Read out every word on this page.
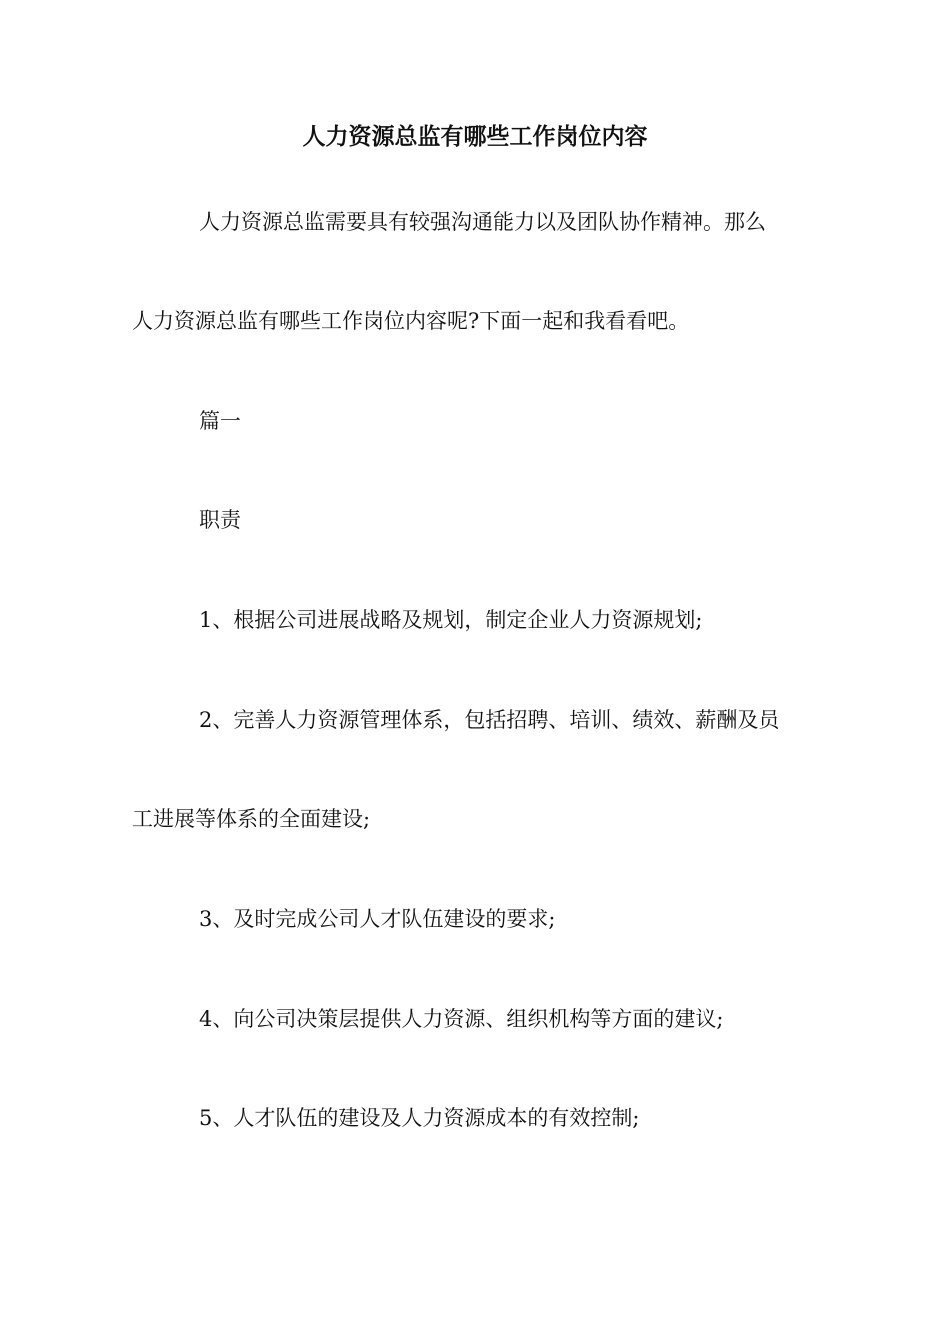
人力资源总监有哪些工作岗位内容

人力资源总监需要具有较强沟通能力以及团队协作精神。那么

人力资源总监有哪些工作岗位内容呢?下面一起和我看看吧。

篇一

职责

1、根据公司进展战略及规划，制定企业人力资源规划;

2、完善人力资源管理体系，包括招聘、培训、绩效、薪酬及员

工进展等体系的全面建设;

3、及时完成公司人才队伍建设的要求;

4、向公司决策层提供人力资源、组织机构等方面的建议;

5、人才队伍的建设及人力资源成本的有效控制;
